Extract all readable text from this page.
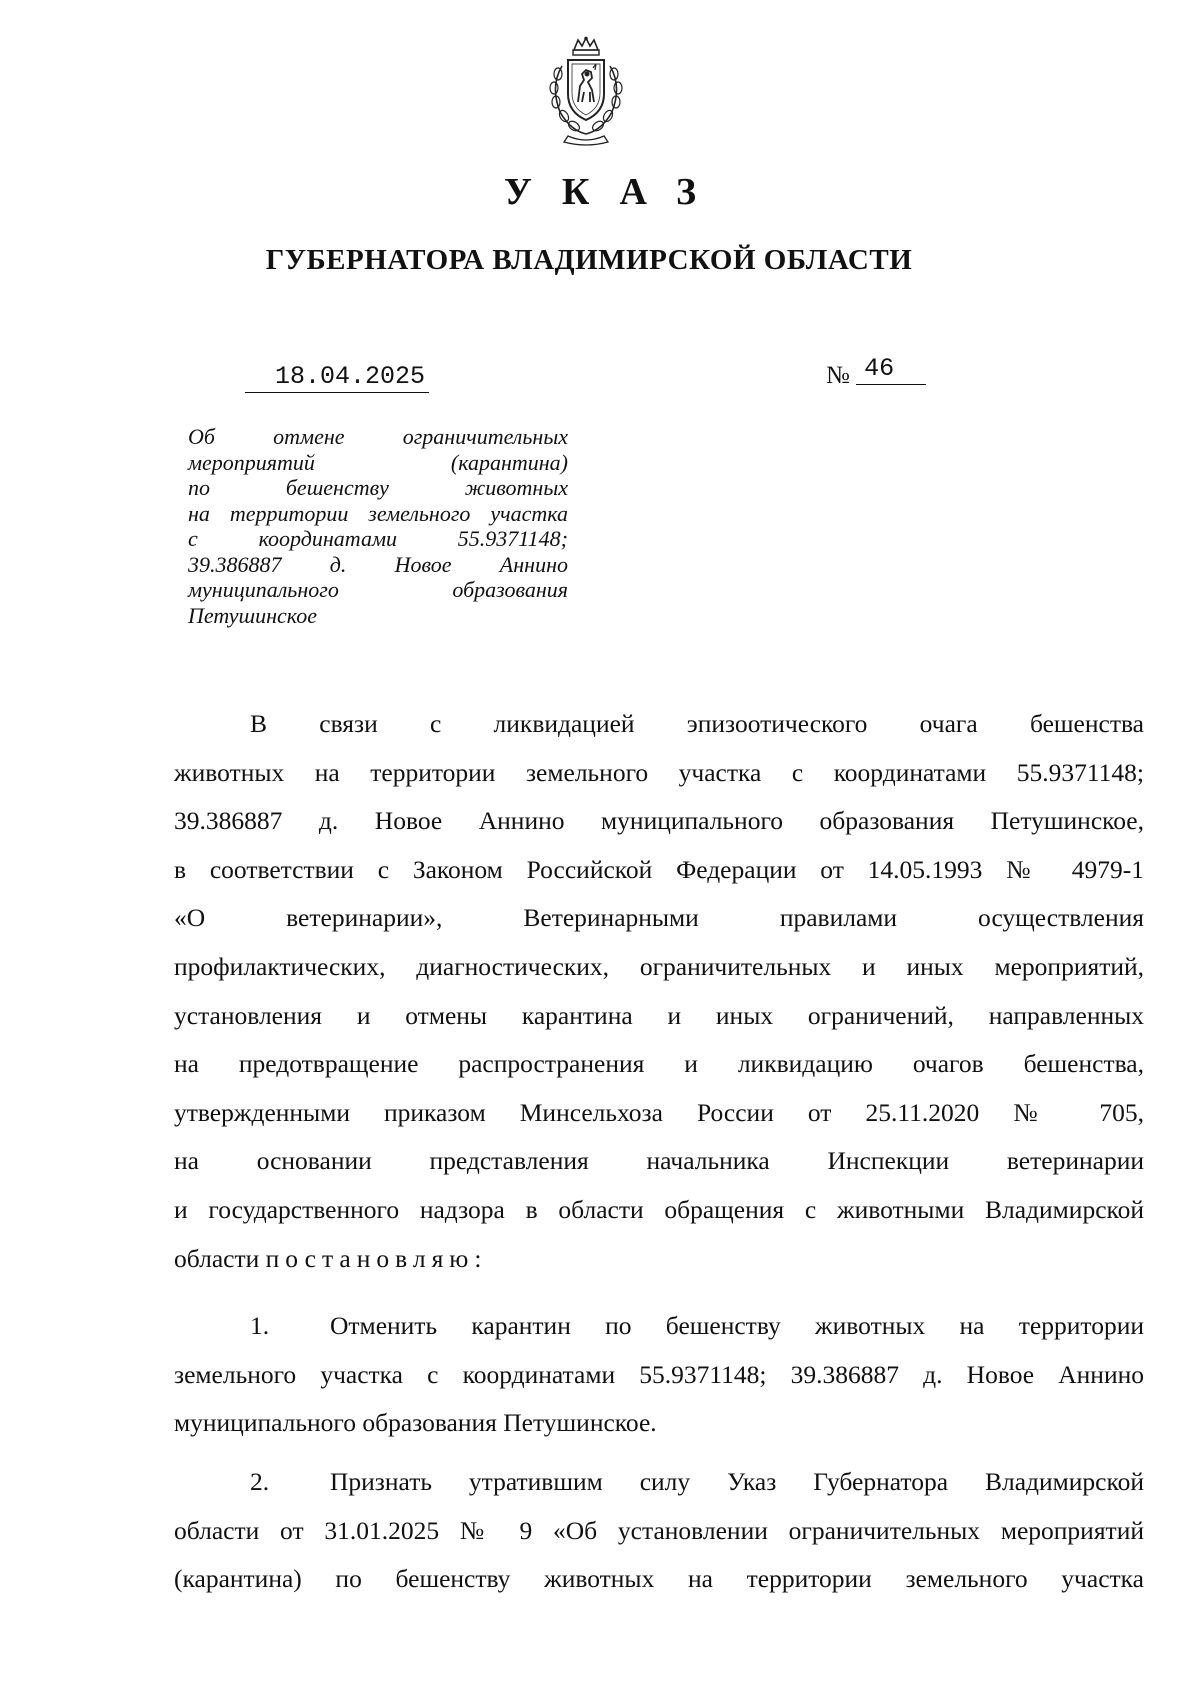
УКАЗ
ГУБЕРНАТОРА ВЛАДИМИРСКОЙ ОБЛАСТИ
18.04.2025	№ 46
Об отмене ограничительных
мероприятий (карантина)
по бешенству животных
на территории земельного участка
с координатами 55.9371148;
39.386887 д. Новое Аннино
муниципального образования
Петушинское
В связи с ликвидацией эпизоотического очага бешенства
животных на территории земельного участка с координатами 55.9371148;
39.386887 д. Новое Аннино муниципального образования Петушинское,
в соответствии с Законом Российской Федерации от 14.05.1993 № 4979-1
«О ветеринарии», Ветеринарными правилами осуществления
профилактических, диагностических, ограничительных и иных мероприятий,
установления и отмены карантина и иных ограничений, направленных
на предотвращение распространения и ликвидацию очагов бешенства,
утвержденными приказом Минсельхоза России от 25.11.2020 № 705,
на основании представления начальника Инспекции ветеринарии
и государственного надзора в области обращения с животными Владимирской
области постановляю:
1. Отменить карантин по бешенству животных на территории
земельного участка с координатами 55.9371148; 39.386887 д. Новое Аннино
муниципального образования Петушинское.
2. Признать утратившим силу Указ Губернатора Владимирской
области от 31.01.2025 № 9 «Об установлении ограничительных мероприятий
(карантина) по бешенству животных на территории земельного участка
